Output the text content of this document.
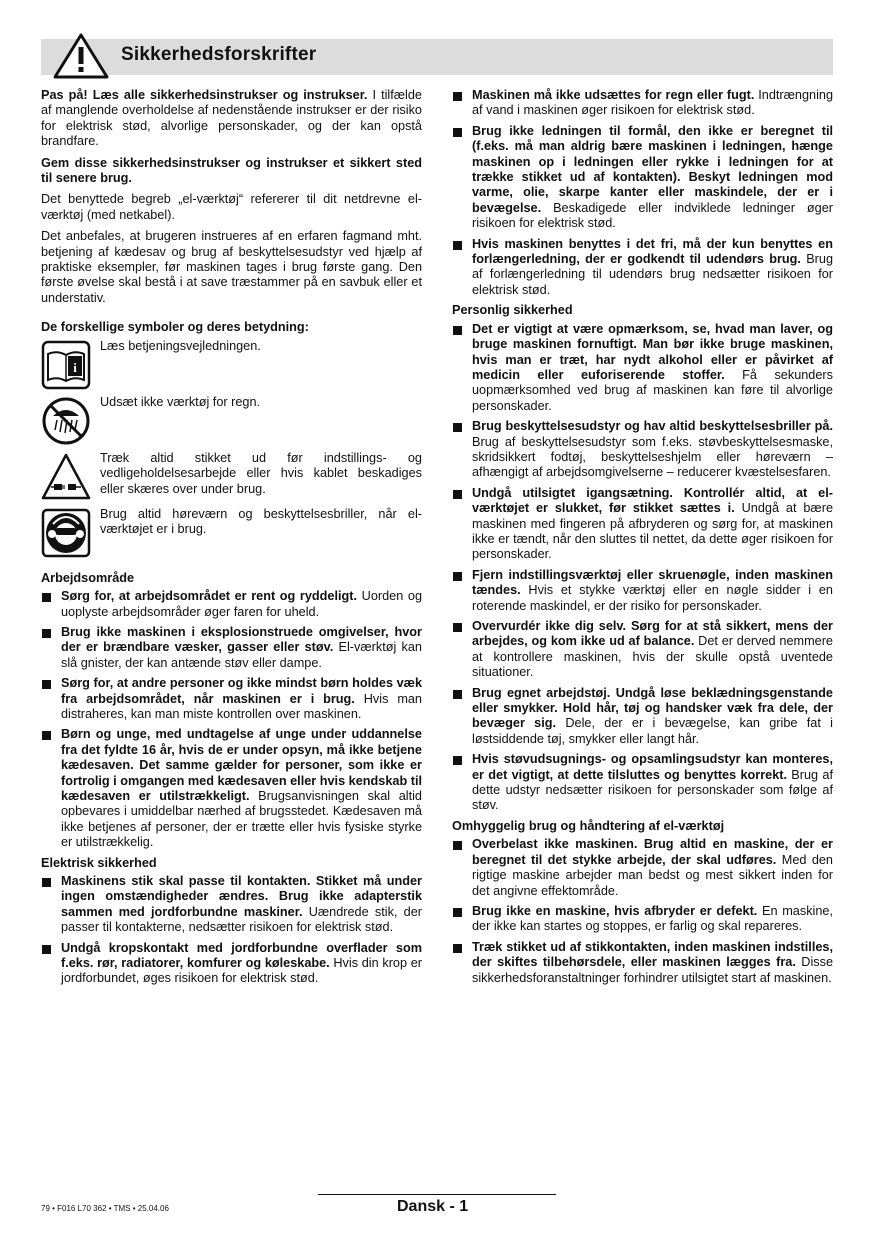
Sikkerhedsforskrifter

Pas på! Læs alle sikkerhedsinstrukser og instrukser. I tilfælde af manglende overholdelse af nedenstående instrukser er der risiko for elektrisk stød, alvorlige personskader, og der kan opstå brandfare.

Gem disse sikkerhedsinstrukser og instrukser et sikkert sted til senere brug.

Det benyttede begreb „el-værktøj“ refererer til dit netdrevne el-værktøj (med netkabel).

Det anbefales, at brugeren instrueres af en erfaren fagmand mht. betjening af kædesav og brug af beskyttelsesudstyr ved hjælp af praktiske eksempler, før maskinen tages i brug første gang. Den første øvelse skal bestå i at save træstammer på en savbuk eller et understativ.

De forskellige symboler og deres betydning:
i

Læs betjeningsvejledningen.

Udsæt ikke værktøj for regn.

Træk altid stikket ud før indstillings- og vedligeholdelsesarbejde eller hvis kablet beskadiges eller skæres over under brug.

Brug altid høreværn og beskyttelsesbriller, når el-værktøjet er i brug.

Arbejdsområde
Sørg for, at arbejdsområdet er rent og ryddeligt. Uorden og uoplyste arbejdsområder øger faren for uheld.
Brug ikke maskinen i eksplosionstruede omgivelser, hvor der er brændbare væsker, gasser eller støv. El-værktøj kan slå gnister, der kan antænde støv eller dampe.
Sørg for, at andre personer og ikke mindst børn holdes væk fra arbejdsområdet, når maskinen er i brug. Hvis man distraheres, kan man miste kontrollen over maskinen.
Børn og unge, med undtagelse af unge under uddannelse fra det fyldte 16 år, hvis de er under opsyn, må ikke betjene kædesaven. Det samme gælder for personer, som ikke er fortrolig i omgangen med kædesaven eller hvis kendskab til kædesaven er utilstrækkeligt. Brugsanvisningen skal altid opbevares i umiddelbar nærhed af brugsstedet. Kædesaven må ikke betjenes af personer, der er trætte eller hvis fysiske styrke er utilstrækkelig.
Elektrisk sikkerhed
Maskinens stik skal passe til kontakten. Stikket må under ingen omstændigheder ændres. Brug ikke adapterstik sammen med jordforbundne maskiner. Uændrede stik, der passer til kontakterne, nedsætter risikoen for elektrisk stød.
Undgå kropskontakt med jordforbundne overflader som f.eks. rør, radiatorer, komfurer og køleskabe. Hvis din krop er jordforbundet, øges risikoen for elektrisk stød.
Maskinen må ikke udsættes for regn eller fugt. Indtrængning af vand i maskinen øger risikoen for elektrisk stød.
Brug ikke ledningen til formål, den ikke er beregnet til (f.eks. må man aldrig bære maskinen i ledningen, hænge maskinen op i ledningen eller rykke i ledningen for at trække stikket ud af kontakten). Beskyt ledningen mod varme, olie, skarpe kanter eller maskindele, der er i bevægelse. Beskadigede eller indviklede ledninger øger risikoen for elektrisk stød.
Hvis maskinen benyttes i det fri, må der kun benyttes en forlængerledning, der er godkendt til udendørs brug. Brug af forlængerledning til udendørs brug nedsætter risikoen for elektrisk stød.
Personlig sikkerhed
Det er vigtigt at være opmærksom, se, hvad man laver, og bruge maskinen fornuftigt. Man bør ikke bruge maskinen, hvis man er træt, har nydt alkohol eller er påvirket af medicin eller euforiserende stoffer. Få sekunders uopmærksomhed ved brug af maskinen kan føre til alvorlige personskader.
Brug beskyttelsesudstyr og hav altid beskyttelsesbriller på. Brug af beskyttelsesudstyr som f.eks. støvbeskyttelsesmaske, skridsikkert fodtøj, beskyttelseshjelm eller høreværn – afhængigt af arbejdsomgivelserne – reducerer kvæstelsesfaren.
Undgå utilsigtet igangsætning. Kontrollér altid, at el-værktøjet er slukket, før stikket sættes i. Undgå at bære maskinen med fingeren på afbryderen og sørg for, at maskinen ikke er tændt, når den sluttes til nettet, da dette øger risikoen for personskader.
Fjern indstillingsværktøj eller skruenøgle, inden maskinen tændes. Hvis et stykke værktøj eller en nøgle sidder i en roterende maskindel, er der risiko for personskader.
Overvurdér ikke dig selv. Sørg for at stå sikkert, mens der arbejdes, og kom ikke ud af balance. Det er derved nemmere at kontrollere maskinen, hvis der skulle opstå uventede situationer.
Brug egnet arbejdstøj. Undgå løse beklædningsgenstande eller smykker. Hold hår, tøj og handsker væk fra dele, der bevæger sig. Dele, der er i bevægelse, kan gribe fat i løstsiddende tøj, smykker eller langt hår.
Hvis støvudsugnings- og opsamlingsudstyr kan monteres, er det vigtigt, at dette tilsluttes og benyttes korrekt. Brug af dette udstyr nedsætter risikoen for personskader som følge af støv.
Omhyggelig brug og håndtering af el-værktøj
Overbelast ikke maskinen. Brug altid en maskine, der er beregnet til det stykke arbejde, der skal udføres. Med den rigtige maskine arbejder man bedst og mest sikkert inden for det angivne effektområde.
Brug ikke en maskine, hvis afbryder er defekt. En maskine, der ikke kan startes og stoppes, er farlig og skal repareres.
Træk stikket ud af stikkontakten, inden maskinen indstilles, der skiftes tilbehørsdele, eller maskinen lægges fra. Disse sikkerhedsforanstaltninger forhindrer utilsigtet start af maskinen.
79 • F016 L70 362 • TMS • 25.04.06	Dansk - 1
